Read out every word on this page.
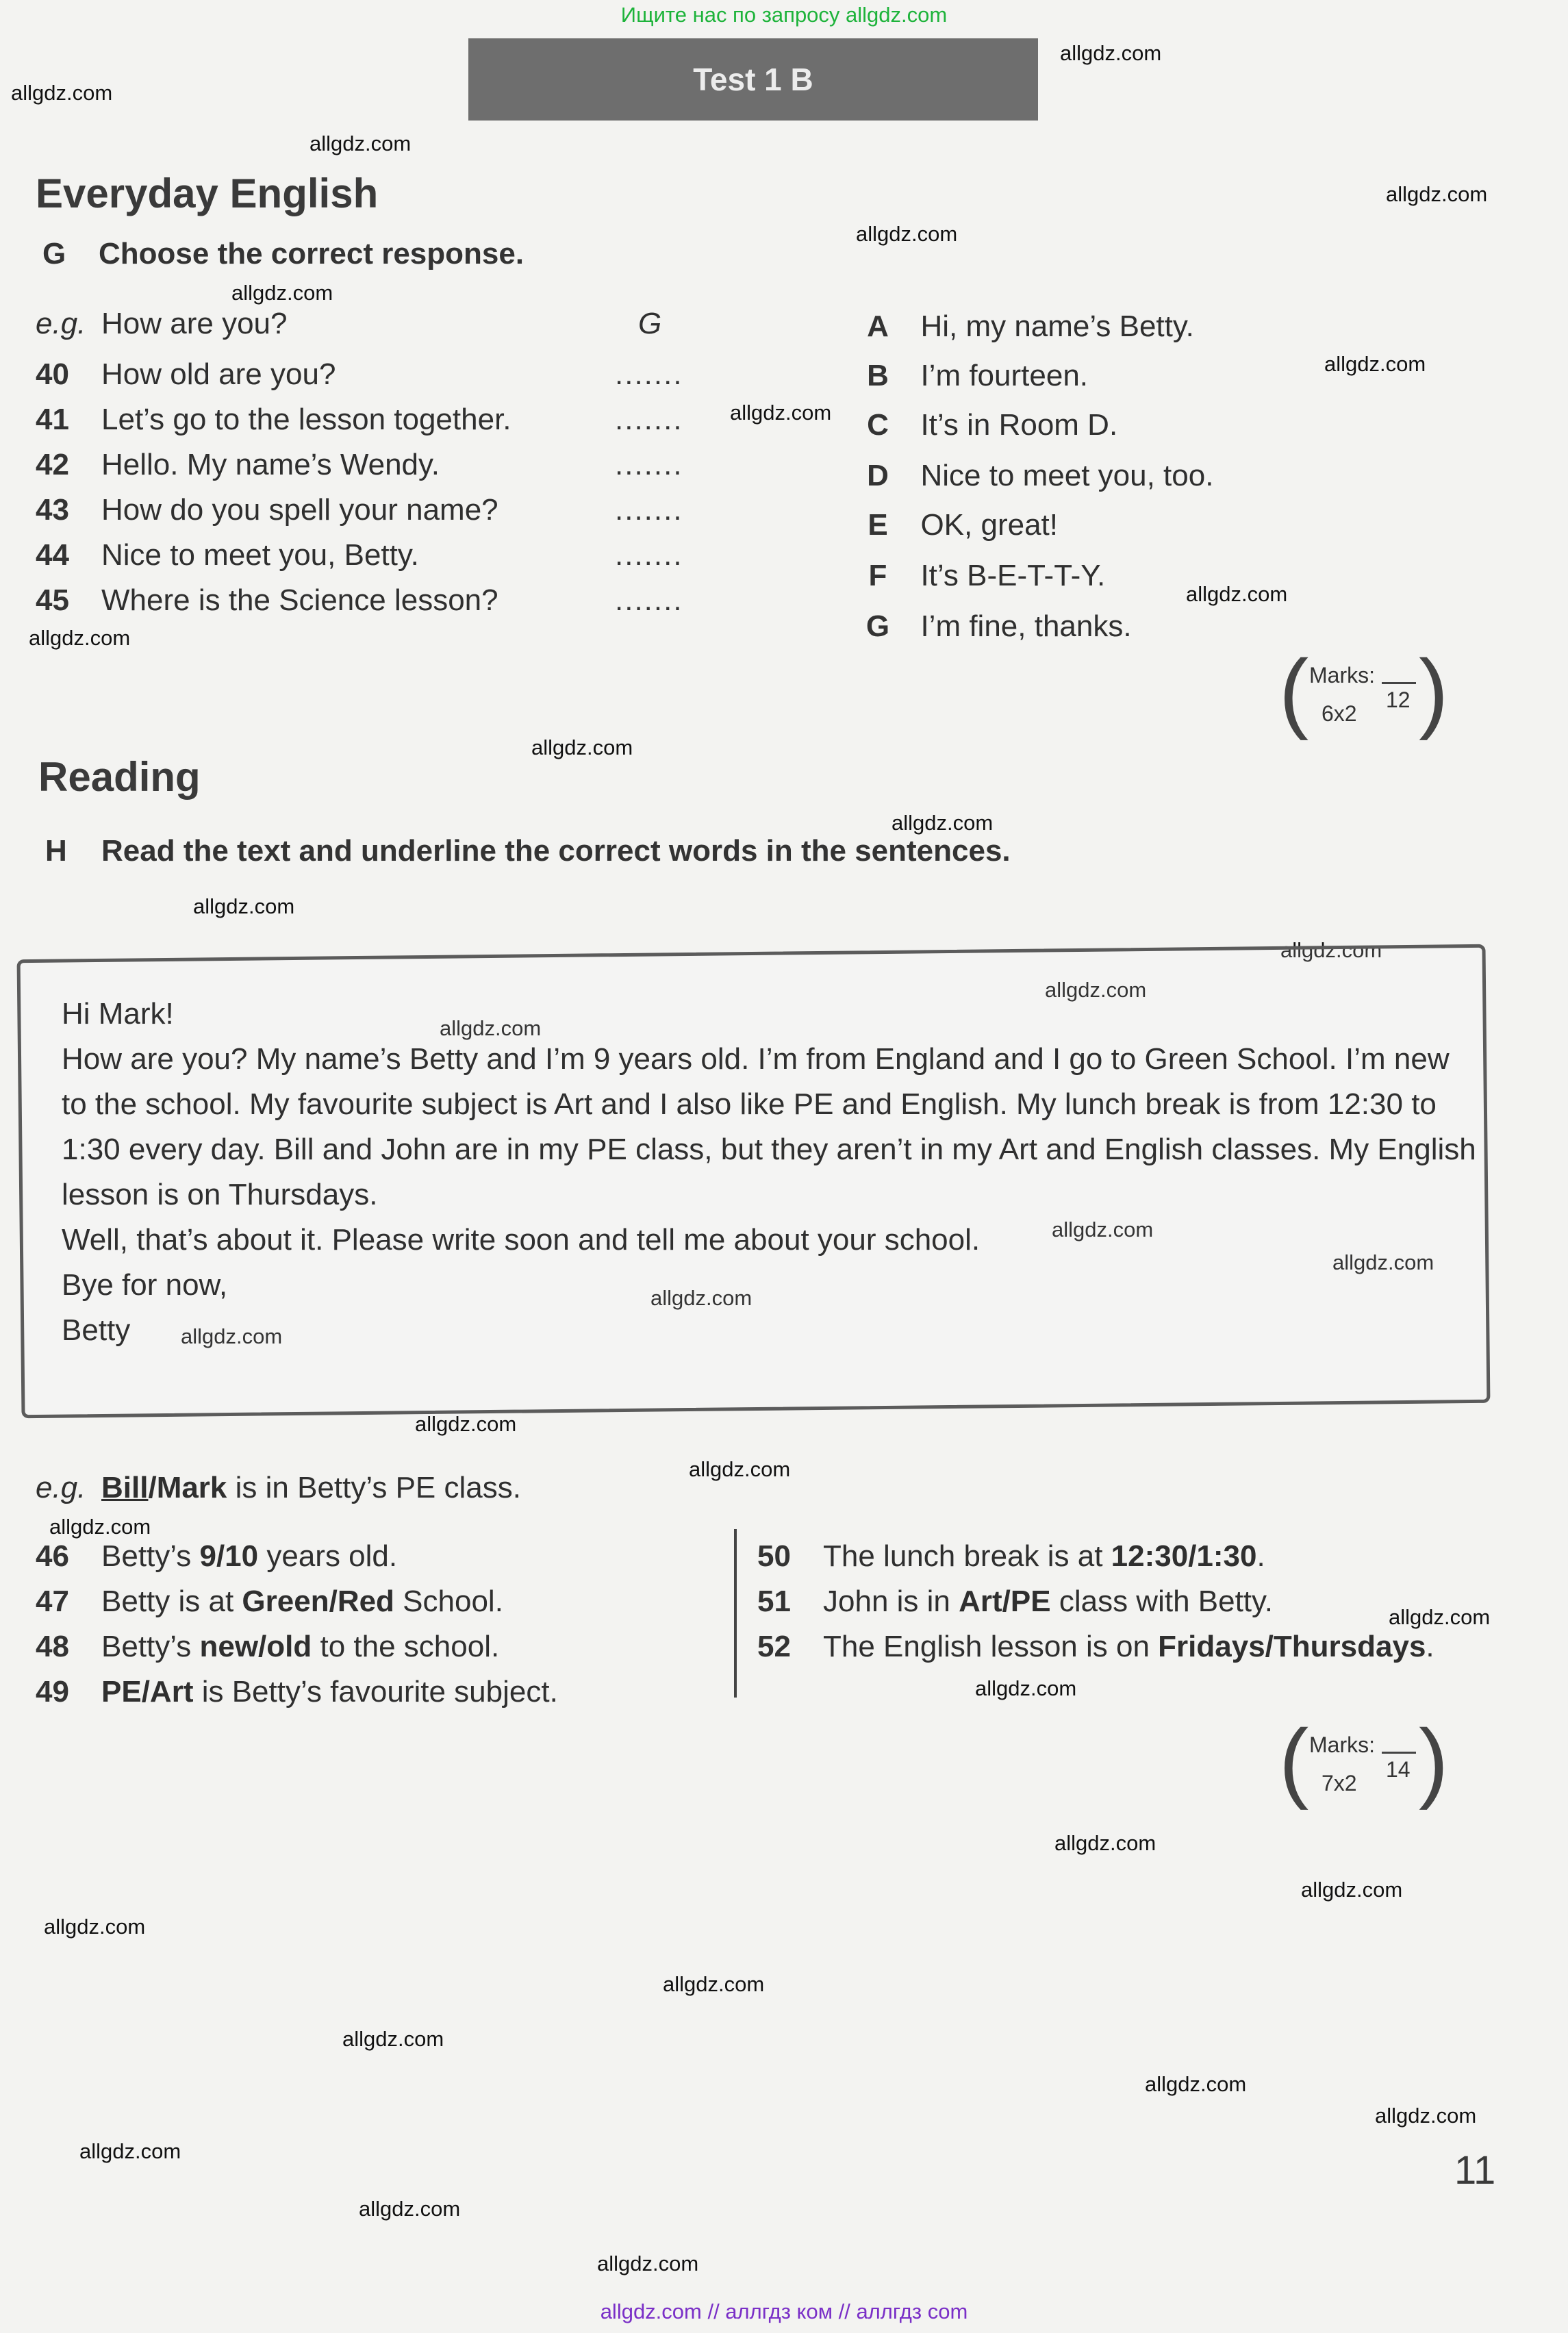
Ищите нас по запросу allgdz.com
Test 1 B
allgdz.com
allgdz.com
allgdz.com
allgdz.com
allgdz.com
allgdz.com
allgdz.com
allgdz.com
allgdz.com
allgdz.com
allgdz.com
allgdz.com
allgdz.com
allgdz.com
allgdz.com
allgdz.com
allgdz.com
allgdz.com
allgdz.com
allgdz.com
allgdz.com
allgdz.com
allgdz.com
allgdz.com
allgdz.com
allgdz.com
allgdz.com
allgdz.com
allgdz.com
allgdz.com
allgdz.com
allgdz.com
allgdz.com
allgdz.com
allgdz.com
Everyday English
G Choose the correct response.
e.g. How are you?	G
40 How old are you?	.......
41 Let’s go to the lesson together.	.......
42 Hello. My name’s Wendy.	.......
43 How do you spell your name?	.......
44 Nice to meet you, Betty.	.......
45 Where is the Science lesson?	.......
A Hi, my name’s Betty.
B I’m fourteen.
C It’s in Room D.
D Nice to meet you, too.
E OK, great!
F It’s B-E-T-T-Y.
G I’m fine, thanks.
( Marks:
12
6x2 )
Reading
H Read the text and underline the correct words in the sentences.
Hi Mark!
How are you? My name’s Betty and I’m 9 years old. I’m from England and I go to Green School. I’m new
to the school. My favourite subject is Art and I also like PE and English. My lunch break is from 12:30 to
1:30 every day. Bill and John are in my PE class, but they aren’t in my Art and English classes. My English
lesson is on Thursdays.
Well, that’s about it. Please write soon and tell me about your school.
Bye for now,
Betty
e.g. Bill/Mark is in Betty’s PE class.
46 Betty’s 9/10 years old.
47 Betty is at Green/Red School.
48 Betty’s new/old to the school.
49 PE/Art is Betty’s favourite subject.
50 The lunch break is at 12:30/1:30.
51 John is in Art/PE class with Betty.
52 The English lesson is on Fridays/Thursdays.
( Marks:
14
7x2 )
11
allgdz.com // аллгдз ком // аллгдз com
